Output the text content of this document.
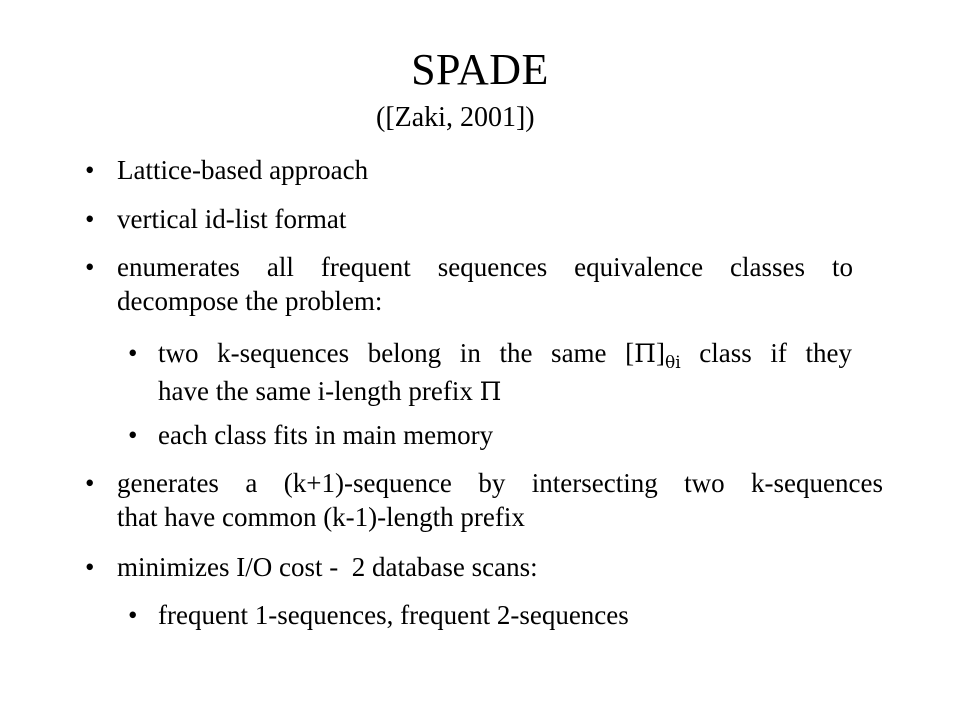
SPADE
([Zaki, 2001])
• Lattice-based approach
• vertical id-list format
• enumerates all frequent sequences equivalence classes to
decompose the problem:
• two k-sequences belong in the same $[\Pi]_{\theta i}$ class if they
have the same i-length prefix Π
• each class fits in main memory
• generates a (k+1)-sequence by intersecting two k-sequences
that have common (k-1)-length prefix
• minimizes I/O cost -  2 database scans:
• frequent 1-sequences, frequent 2-sequences
